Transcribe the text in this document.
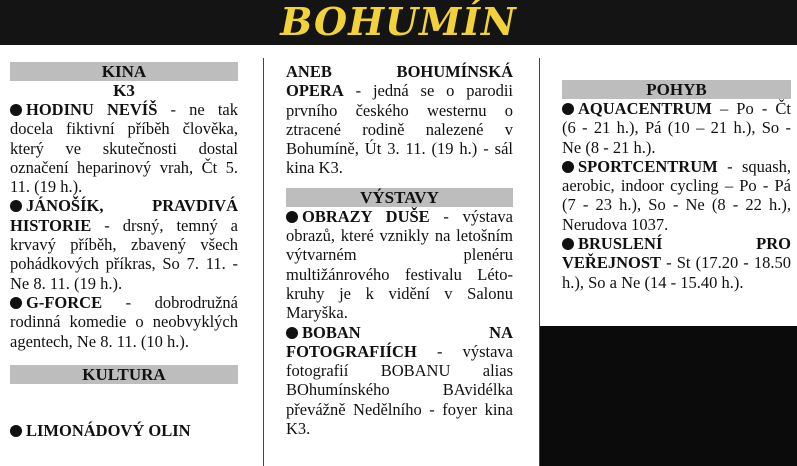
BOHUMÍN
KINA
K3

HODINU NEVÍŠ - ne tak docela fiktivní příběh člověka, který ve skutečnosti dostal označení heparinový vrah, Čt 5. 11. (19 h.).

JÁNOŠÍK, PRAVDIVÁ HISTORIE - drsný, temný a krvavý příběh, zbavený všech pohádkových příkras, So 7. 11. - Ne 8. 11. (19 h.).

G-FORCE - dobrodružná rodinná komedie o neobvyklých agentech, Ne 8. 11. (10 h.).

KULTURA
LIMONÁDOVÝ OLIN

ANEB BOHUMÍNSKÁ OPERA - jedná se o parodii prvního českého westernu o ztracené rodině nalezené v Bohumíně, Út 3. 11. (19 h.) - sál kina K3.

VÝSTAVY

OBRAZY DUŠE - výstava obrazů, které vznikly na letošním výtvarném plenéru multižánrového festivalu Léto-kruhy je k vidění v Salonu Maryška.

BOBAN NA FOTOGRAFIÍCH - výstava fotografií BOBANU alias BOhumínského BAvidélka převážně Nedělního - foyer kina K3.

POHYB

AQUACENTRUM – Po - Čt (6 - 21 h.), Pá (10 – 21 h.), So - Ne (8 - 21 h.).

SPORTCENTRUM - squash, aerobic, indoor cycling – Po - Pá (7 - 23 h.), So - Ne (8 - 22 h.), Nerudova 1037.

BRUSLENÍ PRO VEŘEJNOST - St (17.20 - 18.50 h.), So a Ne (14 - 15.40 h.).
